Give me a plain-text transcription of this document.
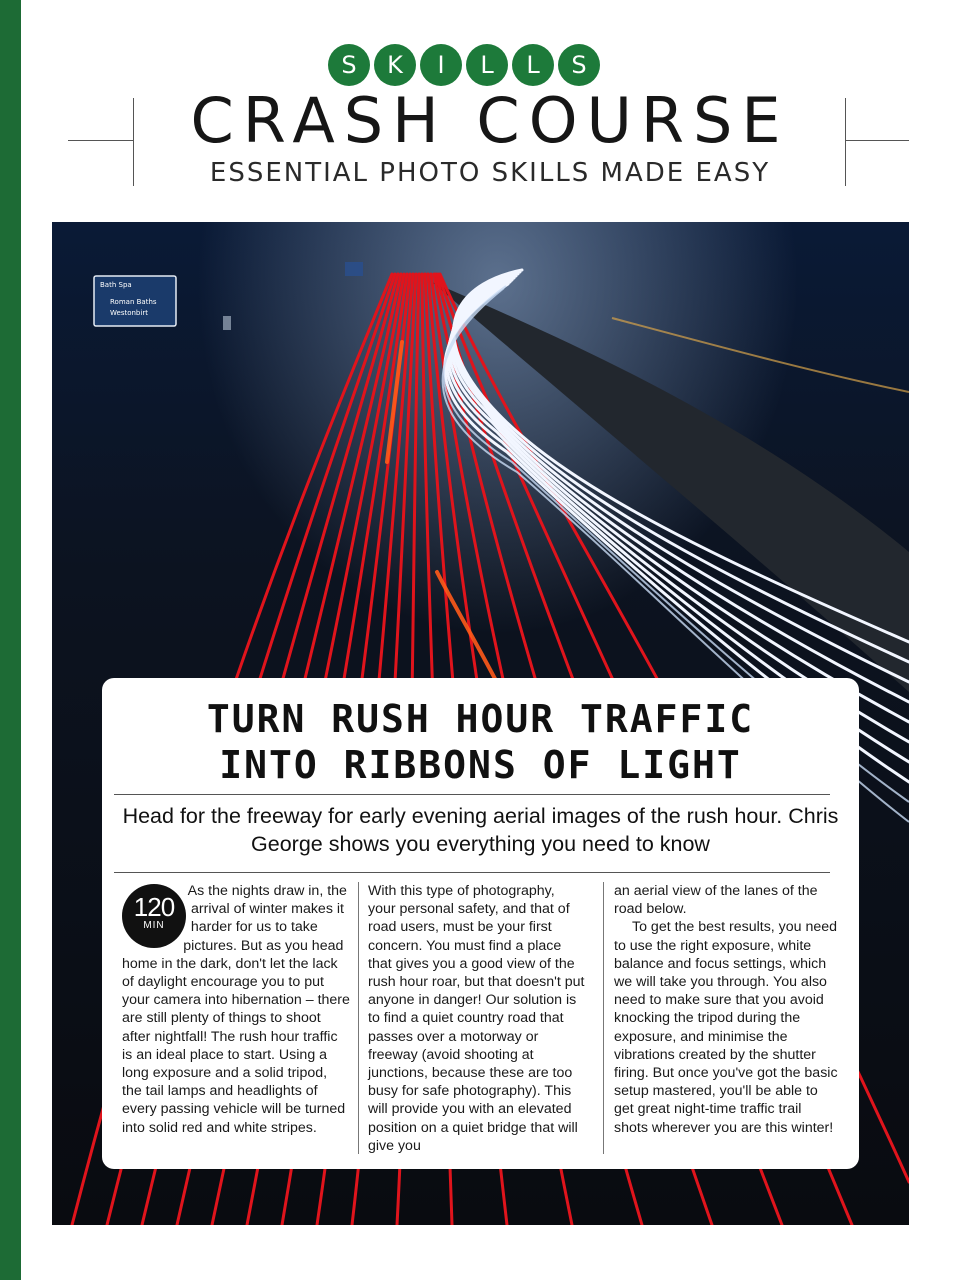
S	K	I	L	L	S
CRASH COURSE
ESSENTIAL PHOTO SKILLS MADE EASY
Bath Spa
Roman Baths
Westonbirt
TURN RUSH HOUR TRAFFIC
INTO RIBBONS OF LIGHT

Head for the freeway for early evening aerial images of the rush hour. Chris George shows you everything you need to know

120
MIN

As the nights draw in, the arrival of winter makes it harder for us to take pictures. But as you head home in the dark, don't let the lack of daylight encourage you to put your camera into hibernation – there are still plenty of things to shoot after nightfall! The rush hour traffic is an ideal place to start. Using a long exposure and a solid tripod, the tail lamps and headlights of every passing vehicle will be turned into solid red and white stripes.

With this type of photography, your personal safety, and that of road users, must be your first concern. You must find a place that gives you a good view of the rush hour roar, but that doesn't put anyone in danger! Our solution is to find a quiet country road that passes over a motorway or freeway (avoid shooting at junctions, because these are too busy for safe photography). This will provide you with an elevated position on a quiet bridge that will give you

an aerial view of the lanes of the road below.

To get the best results, you need to use the right exposure, white balance and focus settings, which we will take you through. You also need to make sure that you avoid knocking the tripod during the exposure, and minimise the vibrations created by the shutter firing. But once you've got the basic setup mastered, you'll be able to get great night-time traffic trail shots wherever you are this winter!
